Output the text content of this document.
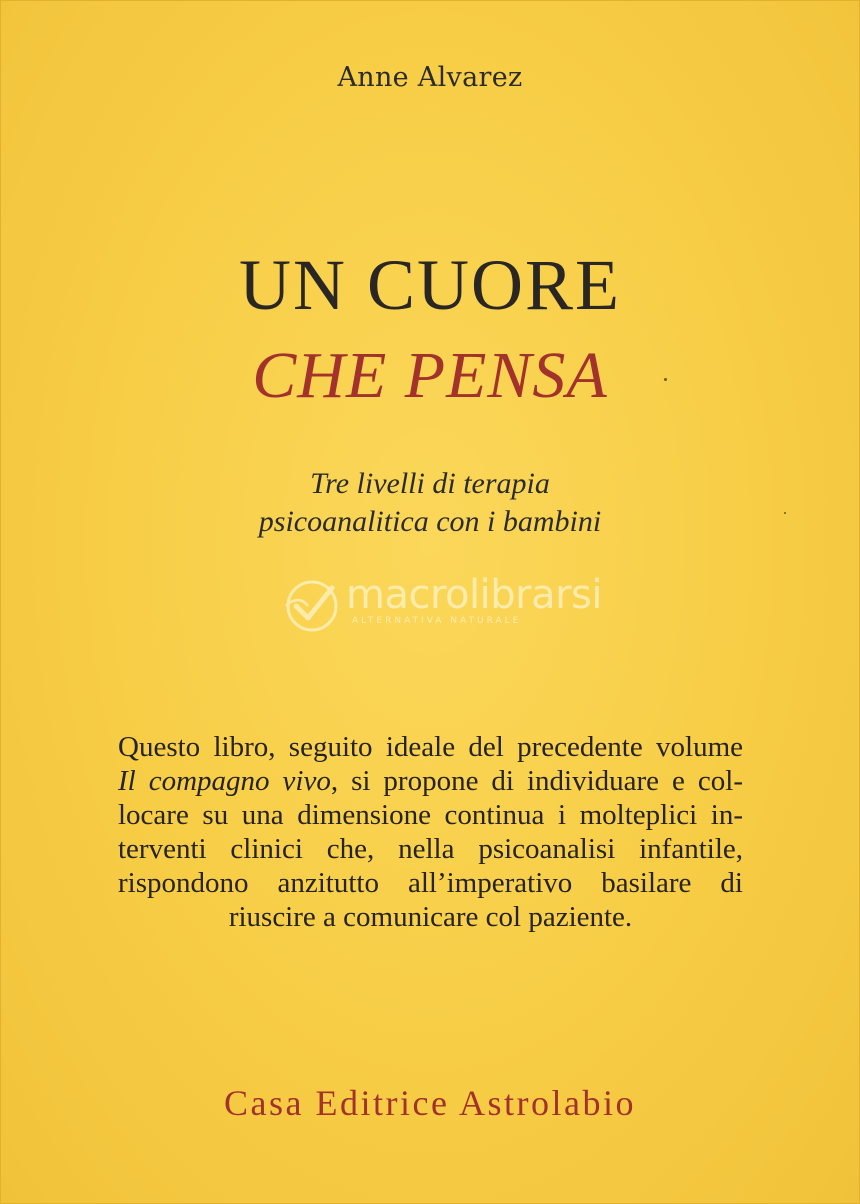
Anne Alvarez
UN CUORE
CHE PENSA
Tre livelli di terapia
psicoanalitica con i bambini
macrolibrarsi
ALTERNATIVA NATURALE
Questo libro, seguito ideale del precedente volume
Il compagno vivo, si propone di individuare e col-
locare su una dimensione continua i molteplici in-
terventi clinici che, nella psicoanalisi infantile,
rispondono anzitutto all’imperativo basilare di
riuscire a comunicare col paziente.
Casa Editrice Astrolabio
